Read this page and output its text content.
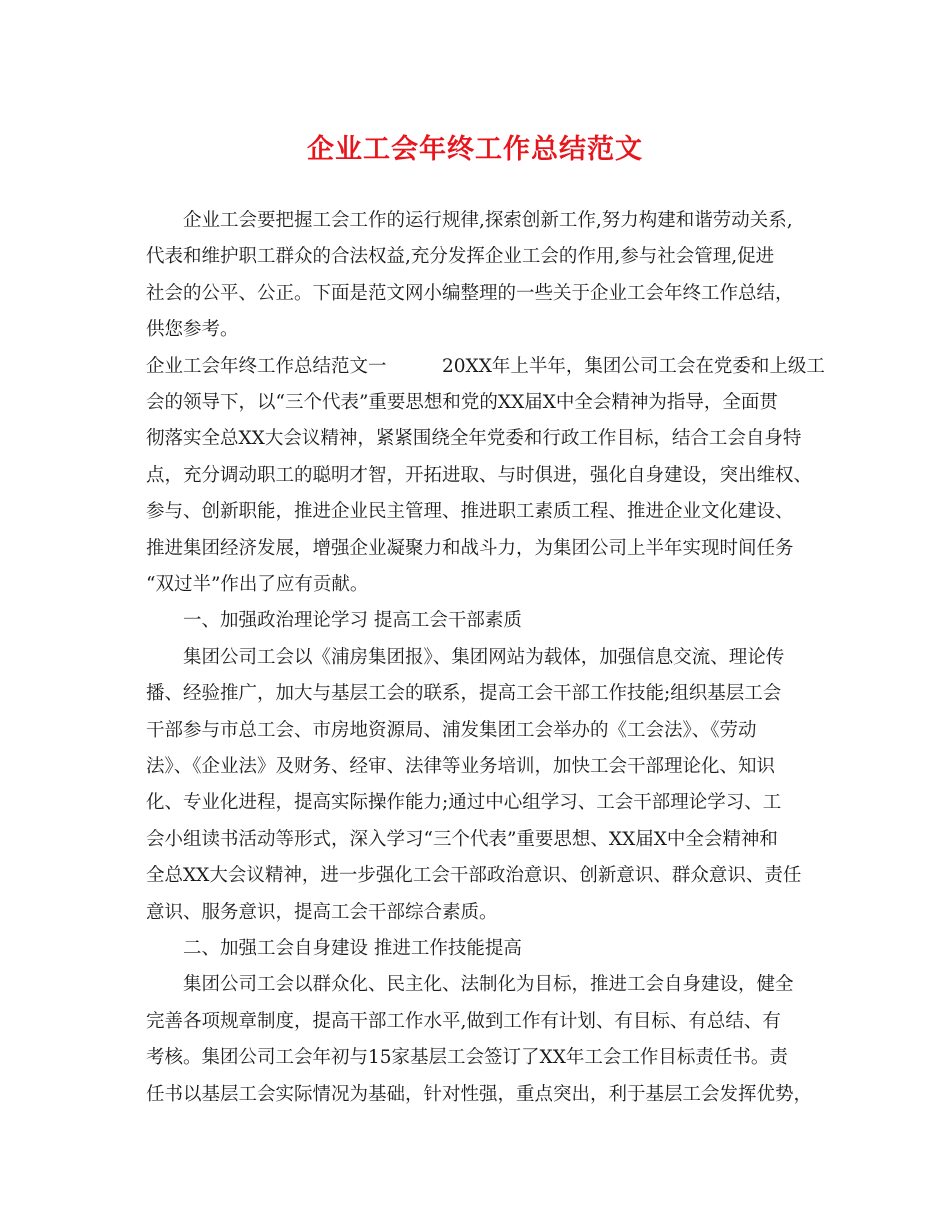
企业工会年终工作总结范文
　　企业工会要把握工会工作的运行规律,探索创新工作,努力构建和谐劳动关系,
代表和维护职工群众的合法权益,充分发挥企业工会的作用,参与社会管理,促进
社会的公平、公正。下面是范文网小编整理的一些关于企业工会年终工作总结，
供您参考。
企业工会年终工作总结范文一　　　20XX年上半年，集团公司工会在党委和上级工
会的领导下，以“三个代表”重要思想和党的XX届X中全会精神为指导，全面贯
彻落实全总XX大会议精神，紧紧围绕全年党委和行政工作目标，结合工会自身特
点，充分调动职工的聪明才智，开拓进取、与时俱进，强化自身建设，突出维权、
参与、创新职能，推进企业民主管理、推进职工素质工程、推进企业文化建设、
推进集团经济发展，增强企业凝聚力和战斗力，为集团公司上半年实现时间任务
“双过半”作出了应有贡献。
　　一、加强政治理论学习 提高工会干部素质
　　集团公司工会以《浦房集团报》、集团网站为载体，加强信息交流、理论传
播、经验推广，加大与基层工会的联系，提高工会干部工作技能;组织基层工会
干部参与市总工会、市房地资源局、浦发集团工会举办的《工会法》、《劳动
法》、《企业法》及财务、经审、法律等业务培训，加快工会干部理论化、知识
化、专业化进程，提高实际操作能力;通过中心组学习、工会干部理论学习、工
会小组读书活动等形式，深入学习“三个代表”重要思想、XX届X中全会精神和
全总XX大会议精神，进一步强化工会干部政治意识、创新意识、群众意识、责任
意识、服务意识，提高工会干部综合素质。
　　二、加强工会自身建设 推进工作技能提高
　　集团公司工会以群众化、民主化、法制化为目标，推进工会自身建设，健全
完善各项规章制度，提高干部工作水平,做到工作有计划、有目标、有总结、有
考核。集团公司工会年初与15家基层工会签订了XX年工会工作目标责任书。责
任书以基层工会实际情况为基础，针对性强，重点突出，利于基层工会发挥优势，
